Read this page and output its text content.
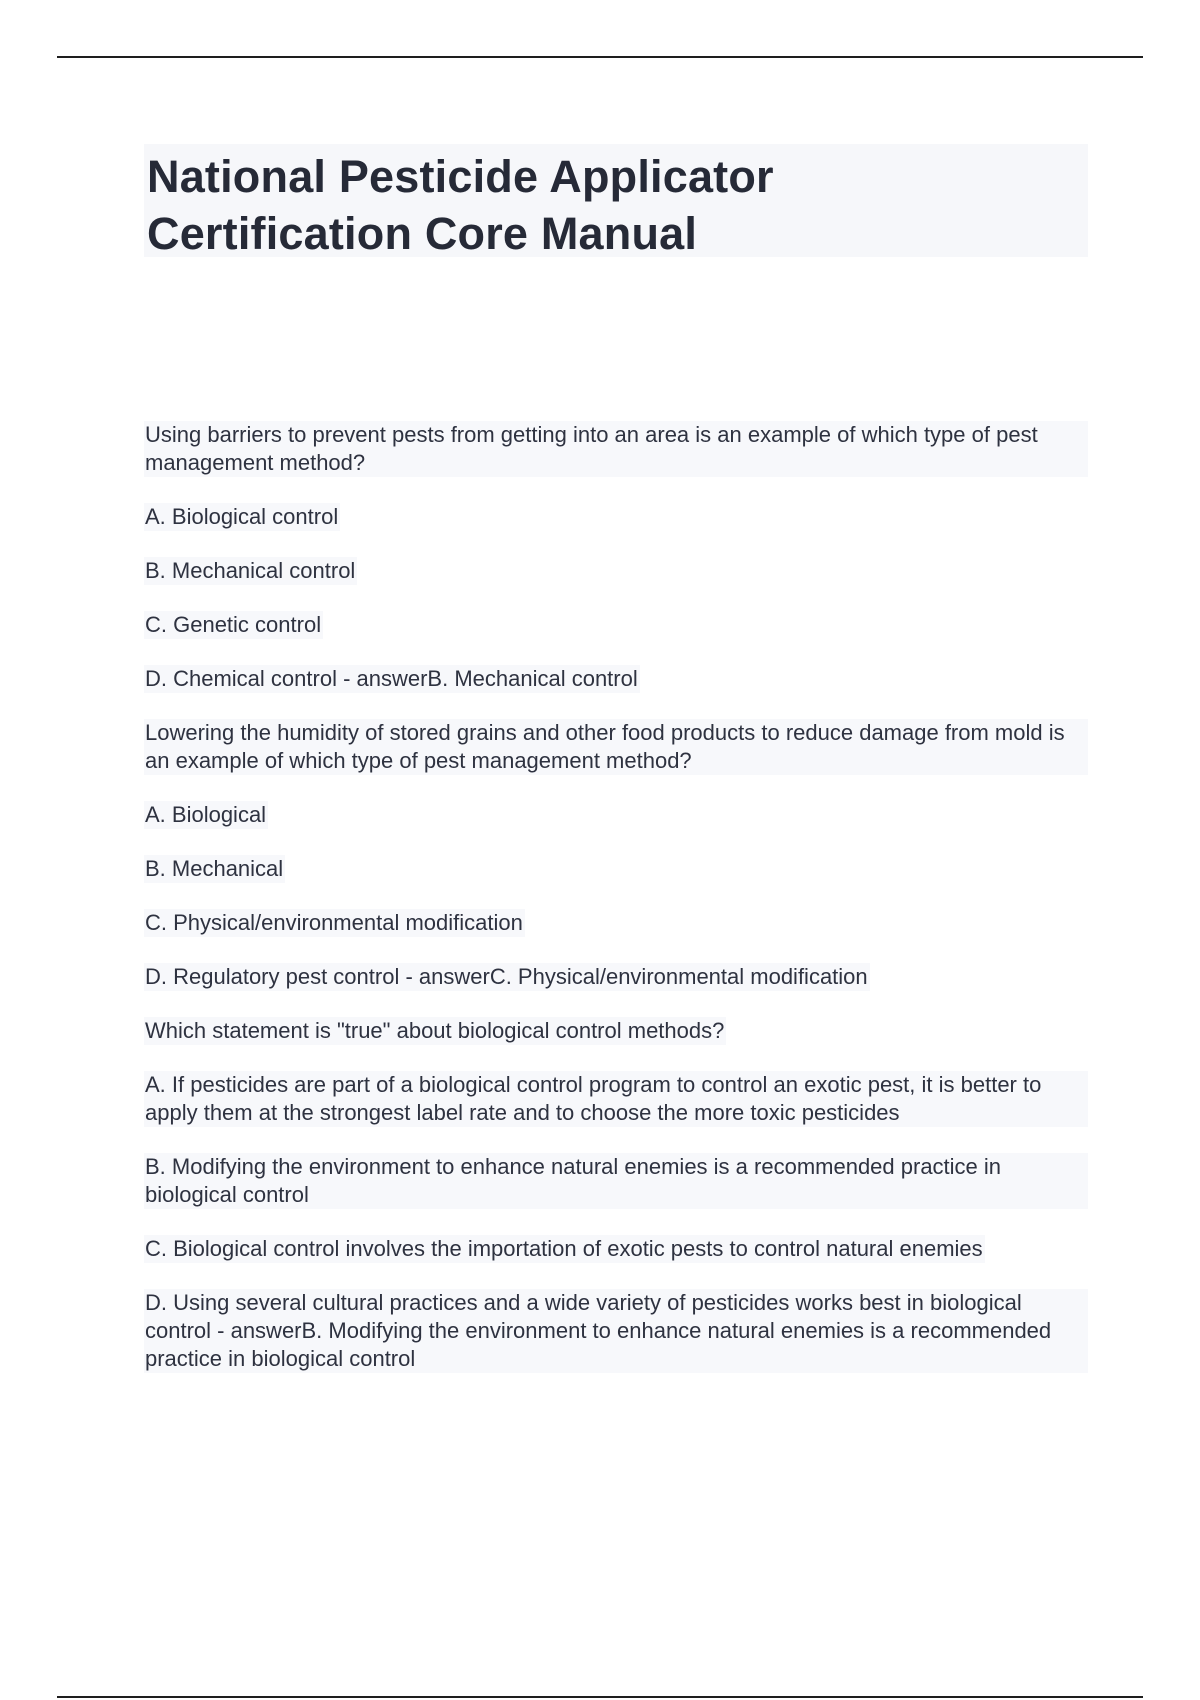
National Pesticide Applicator
Certification Core Manual

Using barriers to prevent pests from getting into an area is an example of which type of pest management method?

A. Biological control

B. Mechanical control

C. Genetic control

D. Chemical control - answerB. Mechanical control

Lowering the humidity of stored grains and other food products to reduce damage from mold is an example of which type of pest management method?

A. Biological

B. Mechanical

C. Physical/environmental modification

D. Regulatory pest control - answerC. Physical/environmental modification

Which statement is "true" about biological control methods?

A. If pesticides are part of a biological control program to control an exotic pest, it is better to apply them at the strongest label rate and to choose the more toxic pesticides

B. Modifying the environment to enhance natural enemies is a recommended practice in biological control

C. Biological control involves the importation of exotic pests to control natural enemies

D. Using several cultural practices and a wide variety of pesticides works best in biological control - answerB. Modifying the environment to enhance natural enemies is a recommended practice in biological control
